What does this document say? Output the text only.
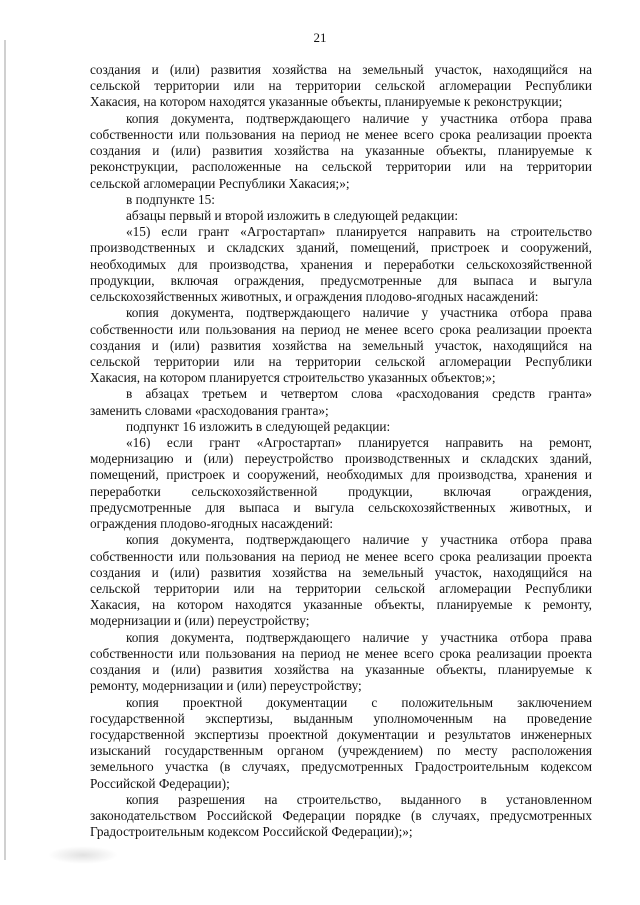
21
создания и (или) развития хозяйства на земельный участок, находящийся на
сельской территории или на территории сельской агломерации Республики
Хакасия, на котором находятся указанные объекты, планируемые к реконструкции;
копия документа, подтверждающего наличие у участника отбора права
собственности или пользования на период не менее всего срока реализации проекта
создания и (или) развития хозяйства на указанные объекты, планируемые к
реконструкции, расположенные на сельской территории или на территории
сельской агломерации Республики Хакасия;»;
в подпункте 15:
абзацы первый и второй изложить в следующей редакции:
«15) если грант «Агростартап» планируется направить на строительство
производственных и складских зданий, помещений, пристроек и сооружений,
необходимых для производства, хранения и переработки сельскохозяйственной
продукции, включая ограждения, предусмотренные для выпаса и выгула
сельскохозяйственных животных, и ограждения плодово-ягодных насаждений:
копия документа, подтверждающего наличие у участника отбора права
собственности или пользования на период не менее всего срока реализации проекта
создания и (или) развития хозяйства на земельный участок, находящийся на
сельской территории или на территории сельской агломерации Республики
Хакасия, на котором планируется строительство указанных объектов;»;
в абзацах третьем и четвертом слова «расходования средств гранта»
заменить словами «расходования гранта»;
подпункт 16 изложить в следующей редакции:
«16) если грант «Агростартап» планируется направить на ремонт,
модернизацию и (или) переустройство производственных и складских зданий,
помещений, пристроек и сооружений, необходимых для производства, хранения и
переработки сельскохозяйственной продукции, включая ограждения,
предусмотренные для выпаса и выгула сельскохозяйственных животных, и
ограждения плодово-ягодных насаждений:
копия документа, подтверждающего наличие у участника отбора права
собственности или пользования на период не менее всего срока реализации проекта
создания и (или) развития хозяйства на земельный участок, находящийся на
сельской территории или на территории сельской агломерации Республики
Хакасия, на котором находятся указанные объекты, планируемые к ремонту,
модернизации и (или) переустройству;
копия документа, подтверждающего наличие у участника отбора права
собственности или пользования на период не менее всего срока реализации проекта
создания и (или) развития хозяйства на указанные объекты, планируемые к
ремонту, модернизации и (или) переустройству;
копия проектной документации с положительным заключением
государственной экспертизы, выданным уполномоченным на проведение
государственной экспертизы проектной документации и результатов инженерных
изысканий государственным органом (учреждением) по месту расположения
земельного участка (в случаях, предусмотренных Градостроительным кодексом
Российской Федерации);
копия разрешения на строительство, выданного в установленном
законодательством Российской Федерации порядке (в случаях, предусмотренных
Градостроительным кодексом Российской Федерации);»;
